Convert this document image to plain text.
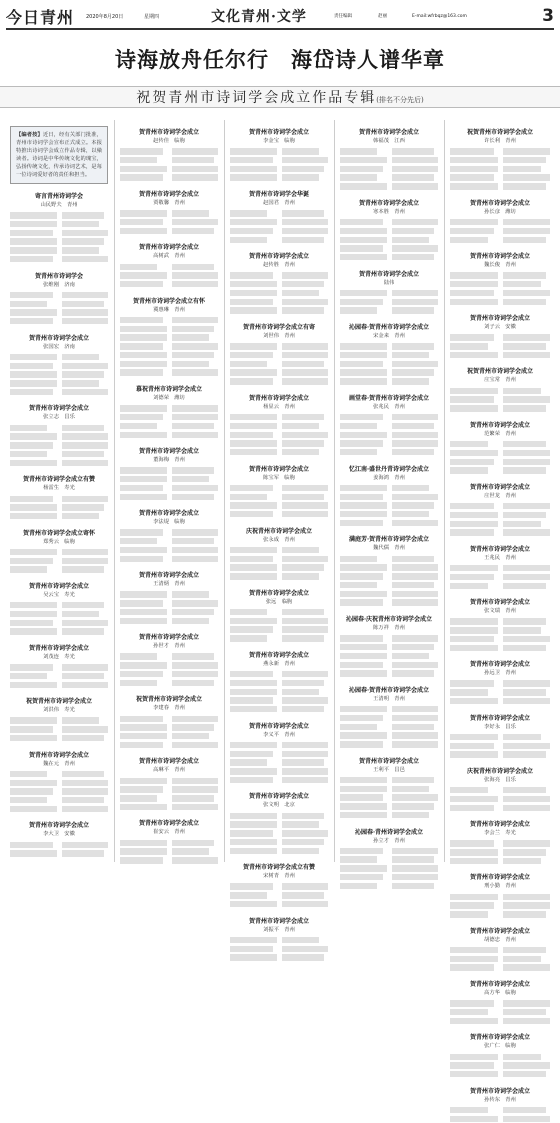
今日青州	2020年8月20日	星期四	文化青州·文学	责任编辑	赵丽	E-mail:wfrbqz@163.com	3
诗海放舟任尔行　海岱诗人谱华章
祝贺青州市诗词学会成立作品专辑(排名不分先后)
【编者按】近日，经有关部门批准，青州市诗词学会宣布正式成立。本报特推出诗词学会成立作品专辑，以飨读者。诗词是中华传统文化的瑰宝，弘扬传统文化，传承诗词艺术，是每一位诗词爱好者的责任和担当。
寄言青州诗词学会
山民野夫　青州
贺青州市诗词学会
张维刚　济南
贺青州市诗词学会成立
张国宏　济南
贺青州市诗词学会成立
张立志　昌乐
贺青州市诗词学会成立有赞
杨雷生　寿光
贺青州市诗词学会成立寄怀
郑秀云　临朐
贺青州市诗词学会成立
吴云宝　寿光
贺青州市诗词学会成立
刘茂连　寿光
祝贺青州市诗词学会成立
刘洪伟　寿光
贺青州市诗词学会成立
魏在元　青州
贺青州市诗词学会成立
李大卫　安徽
贺青州市诗词学会成立
赵传佳　临朐
贺青州市诗词学会成立
贾敬馨　青州
贺青州市诗词学会成立
高树武　青州
贺青州市诗词学会成立有怀
冀惠琳　青州
慕祝青州市诗词学会成立
刘德荣　潍坊
贺青州市诗词学会成立
董海梅　青州
贺青州市诗词学会成立
李法堤　临朐
贺青州市诗词学会成立
王清炳　青州
贺青州市诗词学会成立
孙世才　青州
祝贺青州市诗词学会成立
李建春　青州
贺青州市诗词学会成立
高琳平　青州
贺青州市诗词学会成立
崔安云　青州
贺青州市诗词学会成立
李金宝　临朐
贺青州市诗词学会华诞
赵国君　青州
贺青州市诗词学会成立
赵传胜　青州
贺青州市诗词学会成立有寄
刘世伟　青州
贺青州市诗词学会成立
杨显云　青州
贺青州市诗词学会成立
陈宝军　临朐
庆祝青州市诗词学会成立
张永成　青州
贺青州市诗词学会成立
张远　临朐
贺青州市诗词学会成立
燕永新　青州
贺青州市诗词学会成立
李义平　青州
贺青州市诗词学会成立
张文明　北京
贺青州市诗词学会成立有赞
宋树青　青州
贺青州市诗词学会成立
刘振平　青州
贺青州市诗词学会成立
韩福茂　江西
贺青州市诗词学会成立
寒本胜　青州
贺青州市诗词学会成立
陆伟
沁园春·贺青州市诗词学会成立
宋金来　青州
画堂春·贺青州市诗词学会成立
张兆民　青州
忆江南·盛世丹青诗词学会成立
姜海鸿　青州
满庭芳·贺青州市诗词学会成立
魏代儒　青州
沁园春·庆祝青州市诗词学会成立
陈万祥　青州
沁园春·贺青州市诗词学会成立
王清明　青州
贺青州市诗词学会成立
王利平　昌邑
沁园春·青州诗词学会成立
孙立才　青州
祝贺青州市诗词学会成立
许长利　青州
贺青州市诗词学会成立
孙长彦　潍坊
贺青州市诗词学会成立
魏长俊　青州
贺青州市诗词学会成立
刘子云　安徽
祝贺青州市诗词学会成立
庄宝常　青州
贺青州市诗词学会成立
范繁荣　青州
贺青州市诗词学会成立
庄世龙　青州
贺青州市诗词学会成立
王兆民　青州
贺青州市诗词学会成立
张文瑞　青州
贺青州市诗词学会成立
孙远卫　青州
贺青州市诗词学会成立
李好永　昌乐
庆祝青州市诗词学会成立
张海亮　昌乐
贺青州市诗词学会成立
李会兰　寿光
贺青州市诗词学会成立
刑小勤　青州
贺青州市诗词学会成立
胡德忠　青州
贺青州市诗词学会成立
高方华　临朐
贺青州市诗词学会成立
张广仁　临朐
贺青州市诗词学会成立
孙传东　青州
